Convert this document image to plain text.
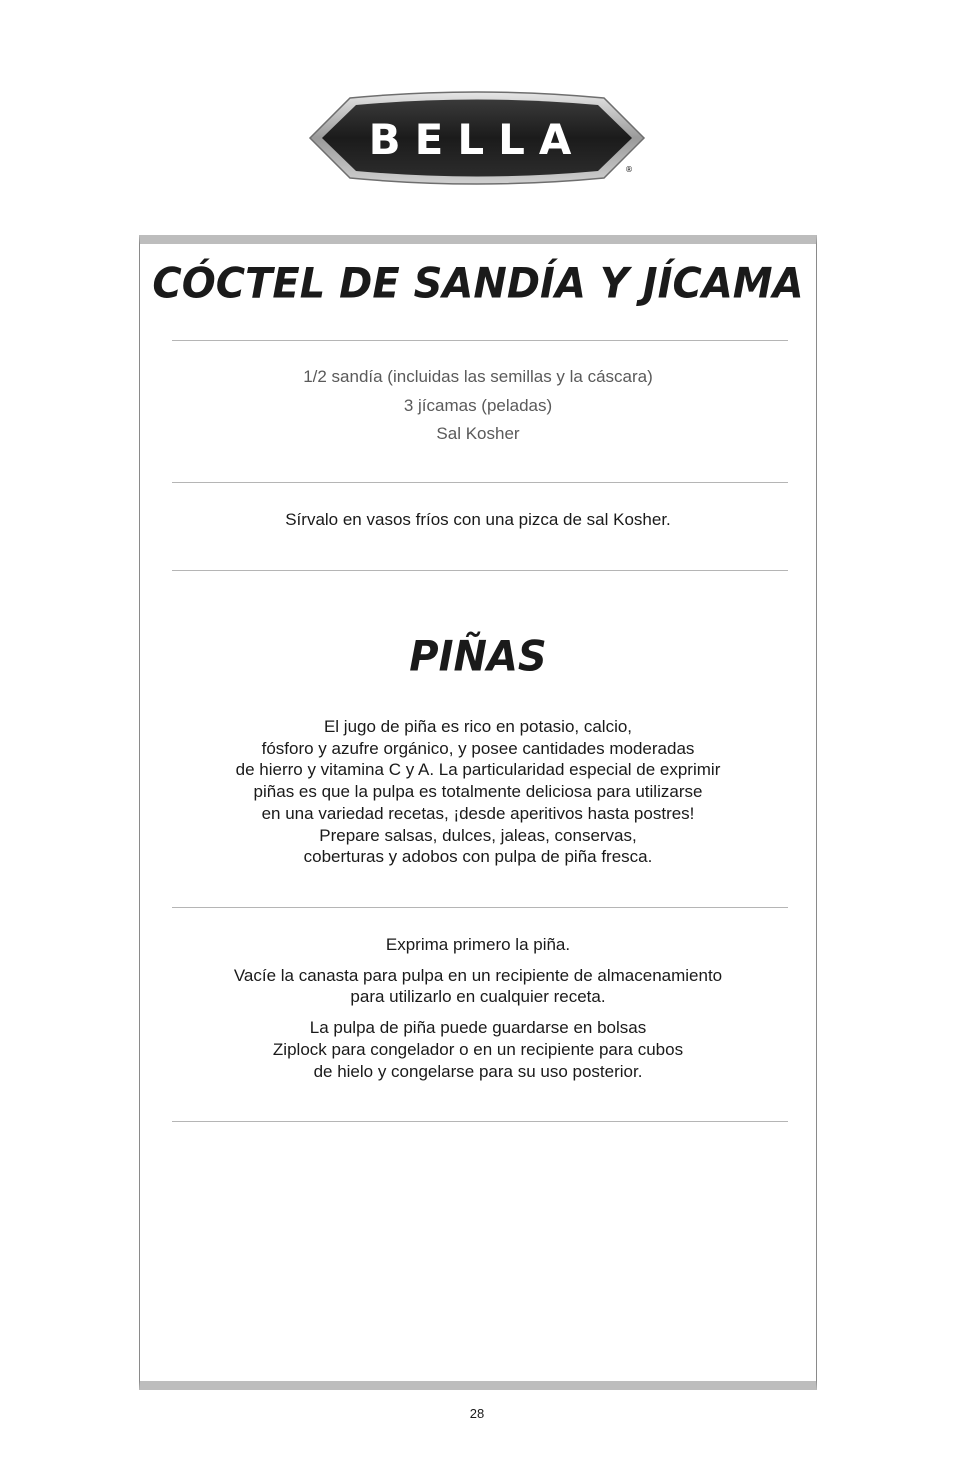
BELLA
®
CÓCTEL DE SANDÍA Y JÍCAMA

1/2 sandía (incluidas las semillas y la cáscara)

3 jícamas (peladas)

Sal Kosher

Sírvalo en vasos fríos con una pizca de sal Kosher.
PIÑAS
El jugo de piña es rico en potasio, calcio,
fósforo y azufre orgánico, y posee cantidades moderadas
de hierro y vitamina C y A. La particularidad especial de exprimir
piñas es que la pulpa es totalmente deliciosa para utilizarse
en una variedad recetas, ¡desde aperitivos hasta postres!
Prepare salsas, dulces, jaleas, conservas,
coberturas y adobos con pulpa de piña fresca.

Exprima primero la piña.

Vacíe la canasta para pulpa en un recipiente de almacenamiento
para utilizarlo en cualquier receta.

La pulpa de piña puede guardarse en bolsas
Ziplock para congelador o en un recipiente para cubos
de hielo y congelarse para su uso posterior.

28
